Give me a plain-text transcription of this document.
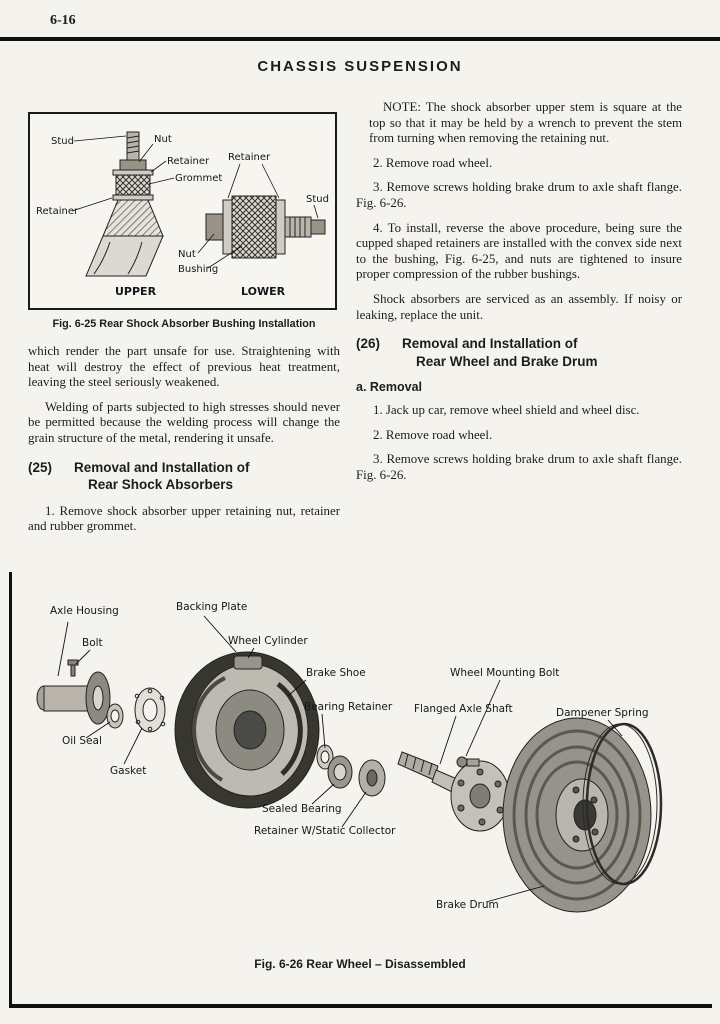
6-16
CHASSIS SUSPENSION
Stud	Nut
Retainer
Grommet
Retainer
Retainer
Stud
Nut
Bushing
UPPER	LOWER
Fig. 6-25 Rear Shock Absorber Bushing Installation

which render the part unsafe for use. Straightening with heat will destroy the effect of previous heat treatment, leaving the steel seriously weakened.

Welding of parts subjected to high stresses should never be permitted because the welding process will change the grain structure of the metal, rendering it unsafe.

(25)	Removal and Installation of
Rear Shock Absorbers

1. Remove shock absorber upper retaining nut, retainer and rubber grommet.

NOTE: The shock absorber upper stem is square at the top so that it may be held by a wrench to prevent the stem from turning when removing the retaining nut.

2. Remove road wheel.

3. Remove screws holding brake drum to axle shaft flange. Fig. 6-26.

4. To install, reverse the above procedure, being sure the cupped shaped retainers are installed with the convex side next to the bushing, Fig. 6-25, and nuts are tightened to insure proper compression of the rubber bushings.

Shock absorbers are serviced as an assembly. If noisy or leaking, replace the unit.

(26)	Removal and Installation of
Rear Wheel and Brake Drum
a. Removal

1. Jack up car, remove wheel shield and wheel disc.

2. Remove road wheel.

3. Remove screws holding brake drum to axle shaft flange. Fig. 6-26.

Axle Housing
Bolt
Backing Plate
Wheel Cylinder
Brake Shoe
Bearing Retainer Flanged Axle Shaft
Wheel Mounting Bolt
Dampener Spring
Oil Seal
Gasket
Sealed Bearing
Retainer W/Static Collector
Brake Drum
Fig. 6-26 Rear Wheel – Disassembled
